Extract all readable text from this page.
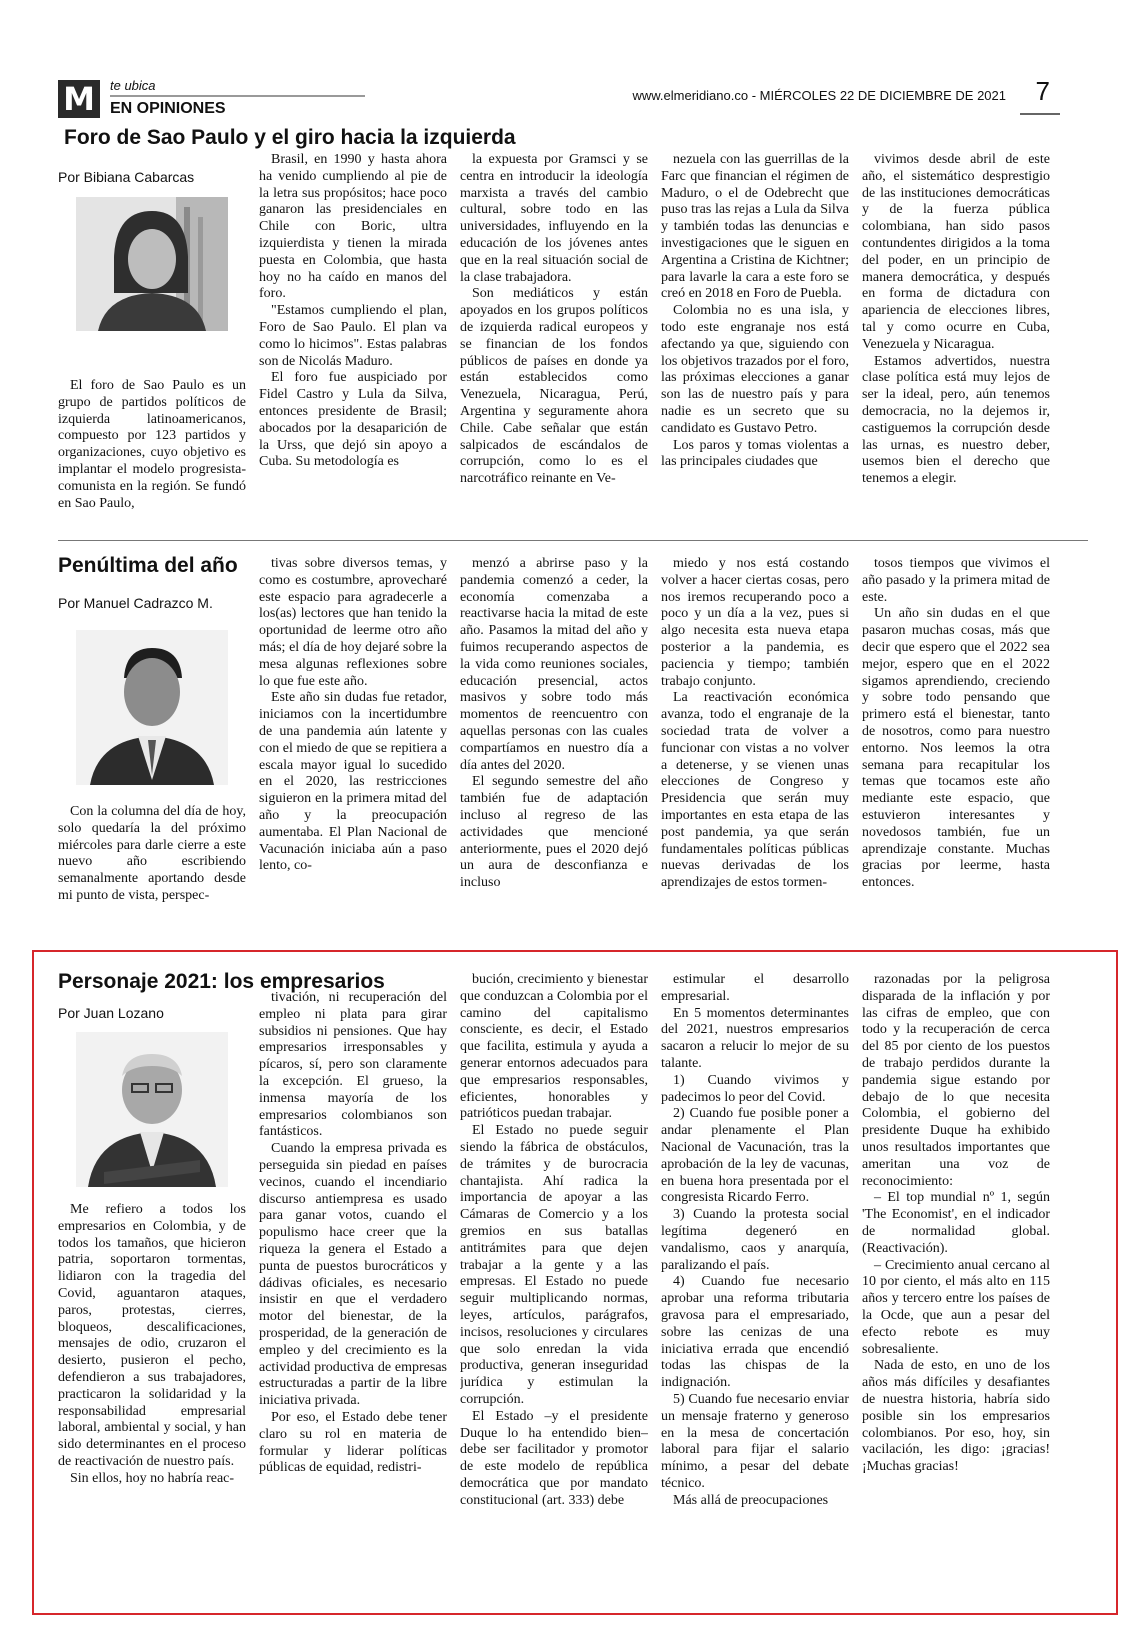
M	te ubica
EN OPINIONES
www.elmeridiano.co - MIÉRCOLES 22 DE DICIEMBRE DE 2021 7
Foro de Sao Paulo y el giro hacia la izquierda
Por Bibiana Cabarcas

El foro de Sao Paulo es un grupo de partidos políticos de izquierda latinoamericanos, compuesto por 123 partidos y organizaciones, cuyo objetivo es implantar el modelo progresista-comunista en la región. Se fundó en Sao Paulo,

Brasil, en 1990 y hasta ahora ha venido cumpliendo al pie de la letra sus propósitos; hace poco ganaron las presidenciales en Chile con Boric, ultra izquierdista y tienen la mirada puesta en Colombia, que hasta hoy no ha caído en manos del foro.

"Estamos cumpliendo el plan, Foro de Sao Paulo. El plan va como lo hicimos". Estas palabras son de Nicolás Maduro.

El foro fue auspiciado por Fidel Castro y Lula da Silva, entonces presidente de Brasil; abocados por la desaparición de la Urss, que dejó sin apoyo a Cuba. Su metodología es

la expuesta por Gramsci y se centra en introducir la ideología marxista a través del cambio cultural, sobre todo en las universidades, influyendo en la educación de los jóvenes antes que en la real situación social de la clase trabajadora.

Son mediáticos y están apoyados en los grupos políticos de izquierda radical europeos y se financian de los fondos públicos de países en donde ya están establecidos como Venezuela, Nicaragua, Perú, Argentina y seguramente ahora Chile. Cabe señalar que están salpicados de escándalos de corrupción, como lo es el narcotráfico reinante en Ve-

nezuela con las guerrillas de la Farc que financian el régimen de Maduro, o el de Odebrecht que puso tras las rejas a Lula da Silva y también todas las denuncias e investigaciones que le siguen en Argentina a Cristina de Kichtner; para lavarle la cara a este foro se creó en 2018 en Foro de Puebla.

Colombia no es una isla, y todo este engranaje nos está afectando ya que, siguiendo con los objetivos trazados por el foro, las próximas elecciones a ganar son las de nuestro país y para nadie es un secreto que su candidato es Gustavo Petro.

Los paros y tomas violentas a las principales ciudades que

vivimos desde abril de este año, el sistemático desprestigio de las instituciones democráticas y de la fuerza pública colombiana, han sido pasos contundentes dirigidos a la toma del poder, en un principio de manera democrática, y después en forma de dictadura con apariencia de elecciones libres, tal y como ocurre en Cuba, Venezuela y Nicaragua.

Estamos advertidos, nuestra clase política está muy lejos de ser la ideal, pero, aún tenemos democracia, no la dejemos ir, castiguemos la corrupción desde las urnas, es nuestro deber, usemos bien el derecho que tenemos a elegir.

Penúltima del año
Por Manuel Cadrazco M.

Con la columna del día de hoy, solo quedaría la del próximo miércoles para darle cierre a este nuevo año escribiendo semanalmente aportando desde mi punto de vista, perspec-

tivas sobre diversos temas, y como es costumbre, aprovecharé este espacio para agradecerle a los(as) lectores que han tenido la oportunidad de leerme otro año más; el día de hoy dejaré sobre la mesa algunas reflexiones sobre lo que fue este año.

Este año sin dudas fue retador, iniciamos con la incertidumbre de una pandemia aún latente y con el miedo de que se repitiera a escala mayor igual lo sucedido en el 2020, las restricciones siguieron en la primera mitad del año y la preocupación aumentaba. El Plan Nacional de Vacunación iniciaba aún a paso lento, co-

menzó a abrirse paso y la pandemia comenzó a ceder, la economía comenzaba a reactivarse hacia la mitad de este año. Pasamos la mitad del año y fuimos recuperando aspectos de la vida como reuniones sociales, educación presencial, actos masivos y sobre todo más momentos de reencuentro con aquellas personas con las cuales compartíamos en nuestro día a día antes del 2020.

El segundo semestre del año también fue de adaptación incluso al regreso de las actividades que mencioné anteriormente, pues el 2020 dejó un aura de desconfianza e incluso

miedo y nos está costando volver a hacer ciertas cosas, pero nos iremos recuperando poco a poco y un día a la vez, pues si algo necesita esta nueva etapa posterior a la pandemia, es paciencia y tiempo; también trabajo conjunto.

La reactivación económica avanza, todo el engranaje de la sociedad trata de volver a funcionar con vistas a no volver a detenerse, y se vienen unas elecciones de Congreso y Presidencia que serán muy importantes en esta etapa de las post pandemia, ya que serán fundamentales políticas públicas nuevas derivadas de los aprendizajes de estos tormen-

tosos tiempos que vivimos el año pasado y la primera mitad de este.

Un año sin dudas en el que pasaron muchas cosas, más que decir que espero que el 2022 sea mejor, espero que en el 2022 sigamos aprendiendo, creciendo y sobre todo pensando que primero está el bienestar, tanto de nosotros, como para nuestro entorno. Nos leemos la otra semana para recapitular los temas que tocamos este año mediante este espacio, que estuvieron interesantes y novedosos también, fue un aprendizaje constante. Muchas gracias por leerme, hasta entonces.

Personaje 2021: los empresarios
Por Juan Lozano

Me refiero a todos los empresarios en Colombia, y de todos los tamaños, que hicieron patria, soportaron tormentas, lidiaron con la tragedia del Covid, aguantaron ataques, paros, protestas, cierres, bloqueos, descalificaciones, mensajes de odio, cruzaron el desierto, pusieron el pecho, defendieron a sus trabajadores, practicaron la solidaridad y la responsabilidad empresarial laboral, ambiental y social, y han sido determinantes en el proceso de reactivación de nuestro país.

Sin ellos, hoy no habría reac-

tivación, ni recuperación del empleo ni plata para girar subsidios ni pensiones. Que hay empresarios irresponsables y pícaros, sí, pero son claramente la excepción. El grueso, la inmensa mayoría de los empresarios colombianos son fantásticos.

Cuando la empresa privada es perseguida sin piedad en países vecinos, cuando el incendiario discurso antiempresa es usado para ganar votos, cuando el populismo hace creer que la riqueza la genera el Estado a punta de puestos burocráticos y dádivas oficiales, es necesario insistir en que el verdadero motor del bienestar, de la prosperidad, de la generación de empleo y del crecimiento es la actividad productiva de empresas estructuradas a partir de la libre iniciativa privada.

Por eso, el Estado debe tener claro su rol en materia de formular y liderar políticas públicas de equidad, redistri-

bución, crecimiento y bienestar que conduzcan a Colombia por el camino del capitalismo consciente, es decir, el Estado que facilita, estimula y ayuda a generar entornos adecuados para que empresarios responsables, eficientes, honorables y patrióticos puedan trabajar.

El Estado no puede seguir siendo la fábrica de obstáculos, de trámites y de burocracia chantajista. Ahí radica la importancia de apoyar a las Cámaras de Comercio y a los gremios en sus batallas antitrámites para que dejen trabajar a la gente y a las empresas. El Estado no puede seguir multiplicando normas, leyes, artículos, parágrafos, incisos, resoluciones y circulares que solo enredan la vida productiva, generan inseguridad jurídica y estimulan la corrupción.

El Estado –y el presidente Duque lo ha entendido bien– debe ser facilitador y promotor de este modelo de república democrática que por mandato constitucional (art. 333) debe

estimular el desarrollo empresarial.

En 5 momentos determinantes del 2021, nuestros empresarios sacaron a relucir lo mejor de su talante.

1) Cuando vivimos y padecimos lo peor del Covid.

2) Cuando fue posible poner a andar plenamente el Plan Nacional de Vacunación, tras la aprobación de la ley de vacunas, en buena hora presentada por el congresista Ricardo Ferro.

3) Cuando la protesta social legítima degeneró en vandalismo, caos y anarquía, paralizando el país.

4) Cuando fue necesario aprobar una reforma tributaria gravosa para el empresariado, sobre las cenizas de una iniciativa errada que encendió todas las chispas de la indignación.

5) Cuando fue necesario enviar un mensaje fraterno y generoso en la mesa de concertación laboral para fijar el salario mínimo, a pesar del debate técnico.

Más allá de preocupaciones

razonadas por la peligrosa disparada de la inflación y por las cifras de empleo, que con todo y la recuperación de cerca del 85 por ciento de los puestos de trabajo perdidos durante la pandemia sigue estando por debajo de lo que necesita Colombia, el gobierno del presidente Duque ha exhibido unos resultados importantes que ameritan una voz de reconocimiento:

– El top mundial nº 1, según 'The Economist', en el indicador de normalidad global. (Reactivación).

– Crecimiento anual cercano al 10 por ciento, el más alto en 115 años y tercero entre los países de la Ocde, que aun a pesar del efecto rebote es muy sobresaliente.

Nada de esto, en uno de los años más difíciles y desafiantes de nuestra historia, habría sido posible sin los empresarios colombianos. Por eso, hoy, sin vacilación, les digo: ¡gracias! ¡Muchas gracias!
